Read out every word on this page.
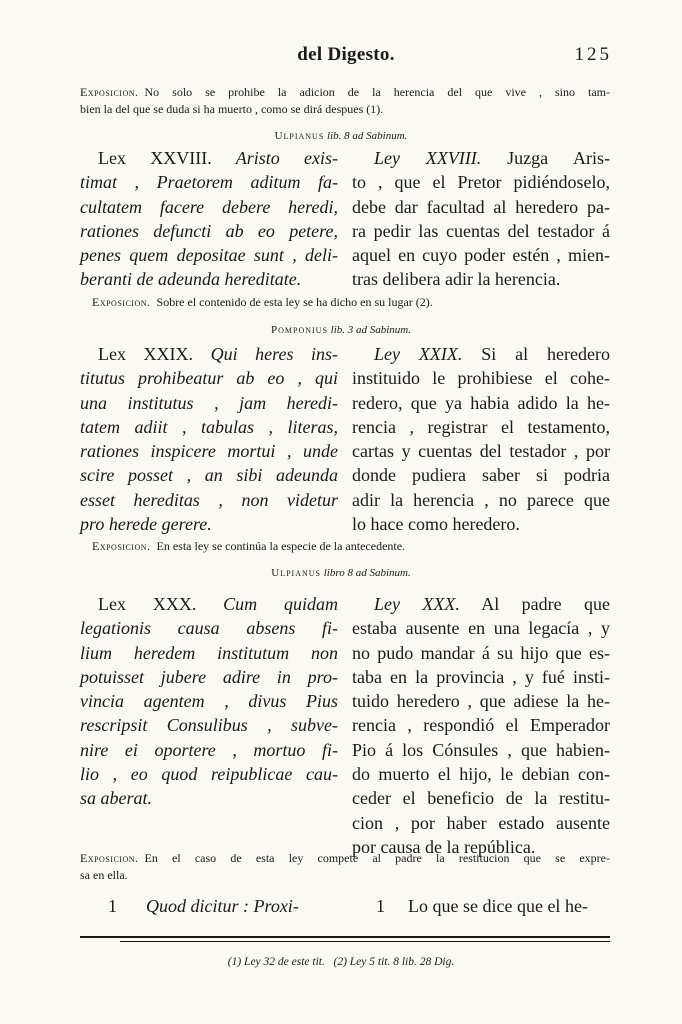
del Digesto.	125
Exposicion. No solo se prohibe la adicion de la herencia del que vive , sino tam-
bien la del que se duda si ha muerto , como se dirá despues (1).
Ulpianus lib. 8 ad Sabinum.
Lex XXVIII. Aristo exis-
timat , Praetorem aditum fa-
cultatem facere debere heredi,
rationes defuncti ab eo petere,
penes quem depositae sunt , deli-
beranti de adeunda hereditate.
Ley XXVIII. Juzga Aris-
to , que el Pretor pidiéndoselo,
debe dar facultad al heredero pa-
ra pedir las cuentas del testador á
aquel en cuyo poder estén , mien-
tras delibera adir la herencia.
Exposicion. Sobre el contenido de esta ley se ha dicho en su lugar (2).
Pomponius lib. 3 ad Sabinum.
Lex XXIX. Qui heres ins-
titutus prohibeatur ab eo , qui
una institutus , jam heredi-
tatem adiit , tabulas , literas,
rationes inspicere mortui , unde
scire posset , an sibi adeunda
esset hereditas , non videtur
pro herede gerere.
Ley XXIX. Si al heredero
instituido le prohibiese el cohe-
redero, que ya habia adido la he-
rencia , registrar el testamento,
cartas y cuentas del testador , por
donde pudiera saber si podria
adir la herencia , no parece que
lo hace como heredero.
Exposicion. En esta ley se continúa la especie de la antecedente.
Ulpianus libro 8 ad Sabinum.
Lex XXX. Cum quidam
legationis causa absens fi-
lium heredem institutum non
potuisset jubere adire in pro-
vincia agentem , divus Pius
rescripsit Consulibus , subve-
nire ei oportere , mortuo fi-
lio , eo quod reipublicae cau-
sa aberat.
Ley XXX. Al padre que
estaba ausente en una legacía , y
no pudo mandar á su hijo que es-
taba en la provincia , y fué insti-
tuido heredero , que adiese la he-
rencia , respondió el Emperador
Pio á los Cónsules , que habien-
do muerto el hijo, le debian con-
ceder el beneficio de la restitu-
cion , por haber estado ausente
por causa de la república.
Exposicion. En el caso de esta ley compete al padre la restitucion que se expre-
sa en ella.
1 Quod dicitur : Proxi-	1 Lo que se dice que el he-
(1) Ley 32 de este tit. (2) Ley 5 tit. 8 lib. 28 Dig.
